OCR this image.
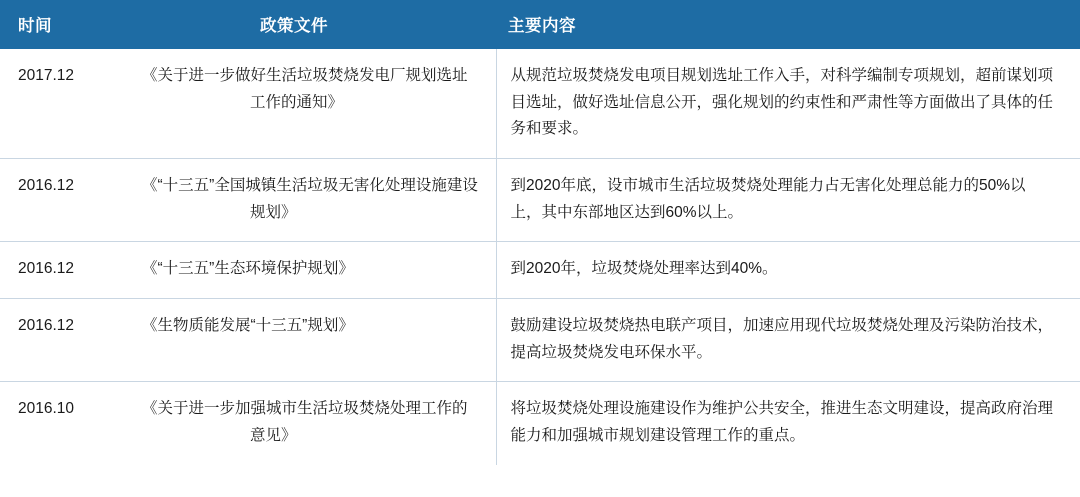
时间	政策文件	主要内容
2017.12	《关于进一步做好生活垃圾焚烧发电厂规划选址工作的通知》	从规范垃圾焚烧发电项目规划选址工作入手，对科学编制专项规划，超前谋划项目选址，做好选址信息公开，强化规划的约束性和严肃性等方面做出了具体的任务和要求。
2016.12	《“十三五”全国城镇生活垃圾无害化处理设施建设规划》	到2020年底，设市城市生活垃圾焚烧处理能力占无害化处理总能力的50%以上，其中东部地区达到60%以上。
2016.12	《“十三五”生态环境保护规划》	到2020年，垃圾焚烧处理率达到40%。
2016.12	《生物质能发展“十三五”规划》	鼓励建设垃圾焚烧热电联产项目，加速应用现代垃圾焚烧处理及污染防治技术，提高垃圾焚烧发电环保水平。
2016.10	《关于进一步加强城市生活垃圾焚烧处理工作的意见》	将垃圾焚烧处理设施建设作为维护公共安全，推进生态文明建设，提高政府治理能力和加强城市规划建设管理工作的重点。
